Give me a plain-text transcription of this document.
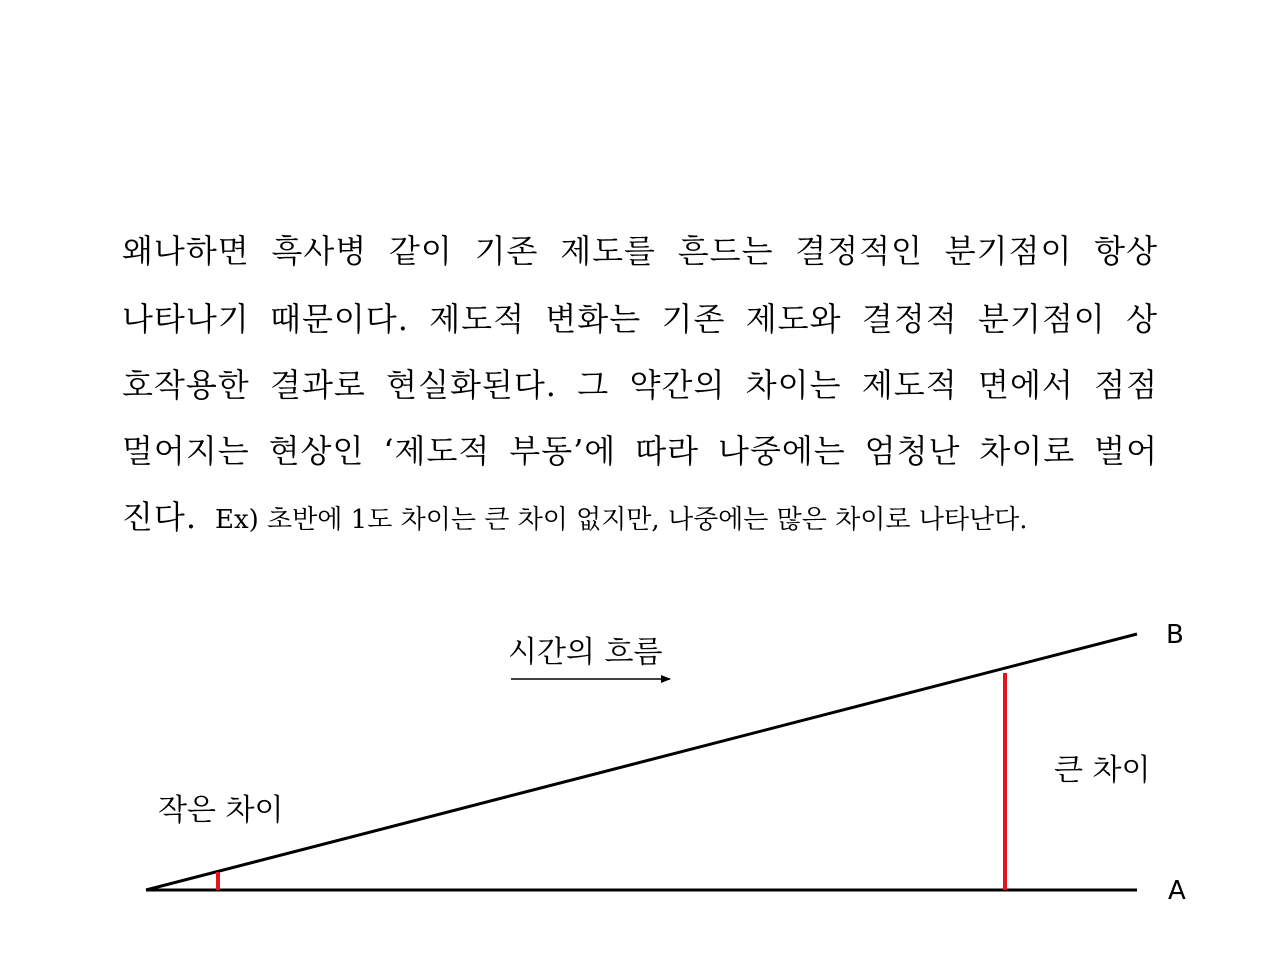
왜나하면 흑사병 같이 기존 제도를 흔드는 결정적인 분기점이 항상
나타나기 때문이다. 제도적 변화는 기존 제도와 결정적 분기점이 상
호작용한 결과로 현실화된다. 그 약간의 차이는 제도적 면에서 점점
멀어지는 현상인 ‘제도적 부동’에 따라 나중에는 엄청난 차이로 벌어
진다. Ex) 초반에 1도 차이는 큰 차이 없지만, 나중에는 많은 차이로 나타난다.
시간의 흐름
작은 차이
큰 차이
B
A
